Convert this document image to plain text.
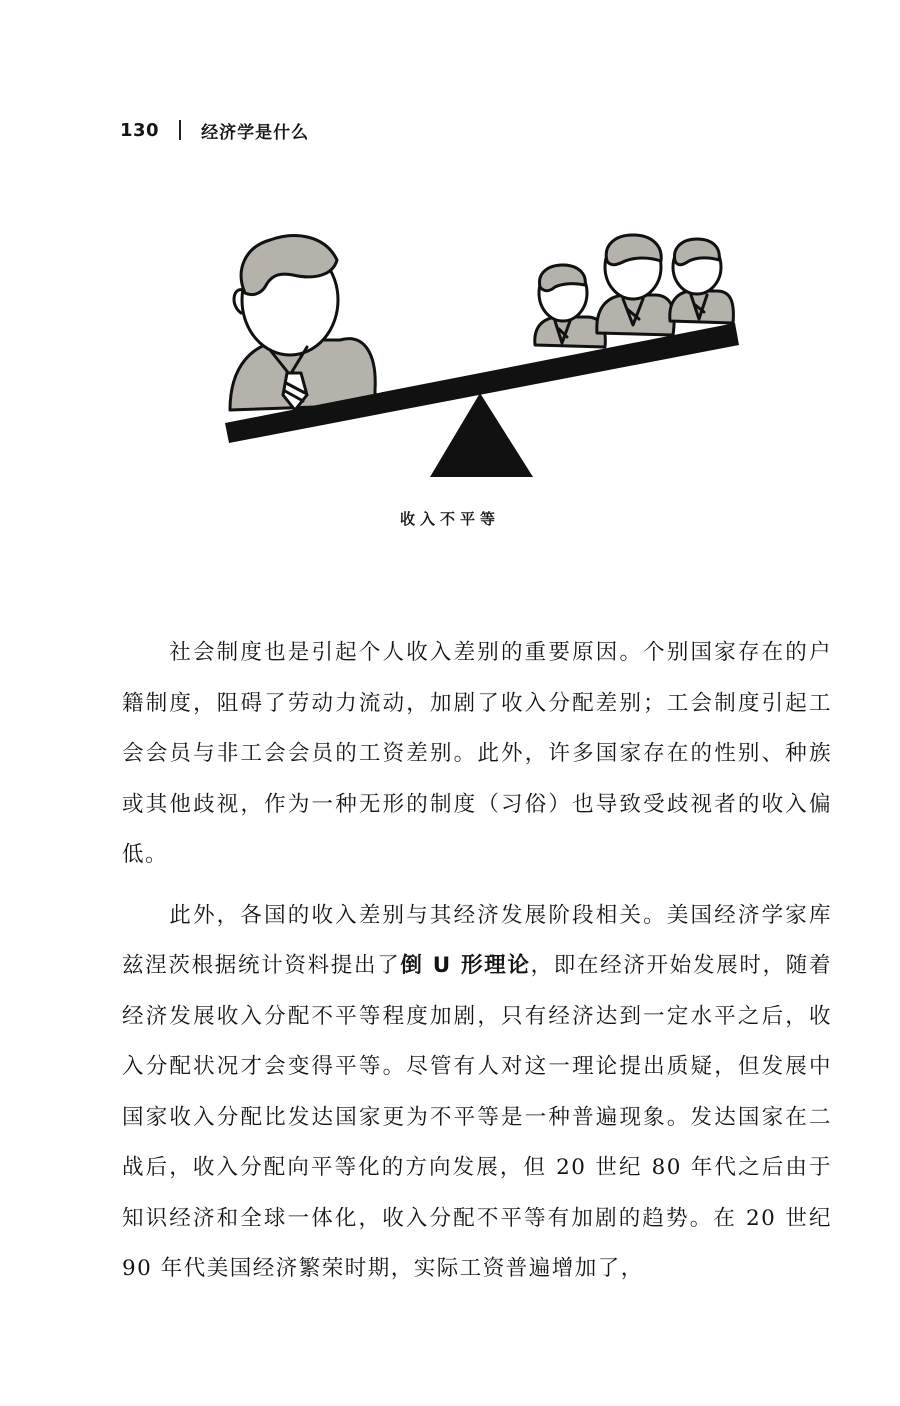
130 经济学是什么
收入不平等

社会制度也是引起个人收入差别的重要原因。个别国家存在的户籍制度，阻碍了劳动力流动，加剧了收入分配差别；工会制度引起工会会员与非工会会员的工资差别。此外，许多国家存在的性别、种族或其他歧视，作为一种无形的制度（习俗）也导致受歧视者的收入偏低。

此外，各国的收入差别与其经济发展阶段相关。美国经济学家库兹涅茨根据统计资料提出了倒 U 形理论，即在经济开始发展时，随着经济发展收入分配不平等程度加剧，只有经济达到一定水平之后，收入分配状况才会变得平等。尽管有人对这一理论提出质疑，但发展中国家收入分配比发达国家更为不平等是一种普遍现象。发达国家在二战后，收入分配向平等化的方向发展，但 20 世纪 80 年代之后由于知识经济和全球一体化，收入分配不平等有加剧的趋势。在 20 世纪 90 年代美国经济繁荣时期，实际工资普遍增加了，
